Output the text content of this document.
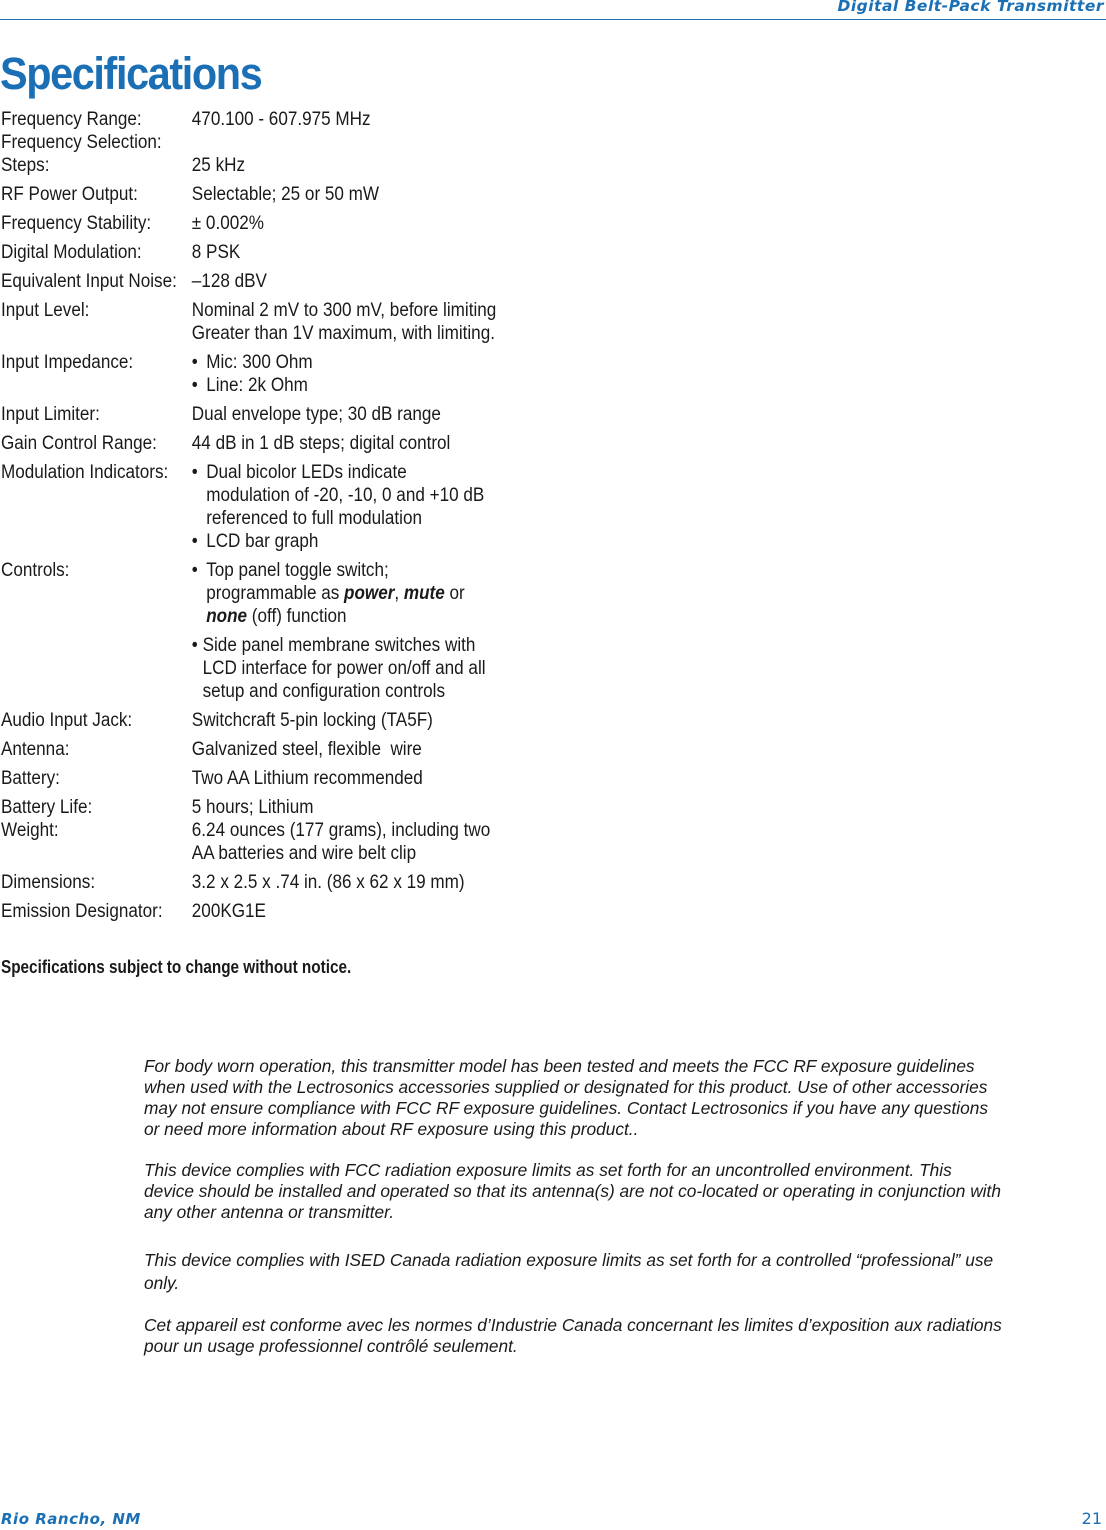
Digital Belt-Pack Transmitter
Specifications
Frequency Range:	470.100 - 607.975 MHz
Frequency Selection:
Steps:	25 kHz
RF Power Output:	Selectable; 25 or 50 mW
Frequency Stability:	± 0.002%
Digital Modulation:	8 PSK
Equivalent Input Noise: –128 dBV
Input Level:	Nominal 2 mV to 300 mV, before limiting
Greater than 1V maximum, with limiting.
Input Impedance:	• Mic: 300 Ohm
• Line: 2k Ohm
Input Limiter:	Dual envelope type; 30 dB range
Gain Control Range:	44 dB in 1 dB steps; digital control
Modulation Indicators:	• Dual bicolor LEDs indicate modulation of -20, -10, 0 and +10 dB referenced to full modulation
• LCD bar graph
Controls:	• Top panel toggle switch; programmable as power, mute or none (off) function
• Side panel membrane switches with LCD interface for power on/off and all setup and configuration controls
Audio Input Jack:	Switchcraft 5-pin locking (TA5F)
Antenna:	Galvanized steel, flexible  wire
Battery:	Two AA Lithium recommended
Battery Life:	5 hours; Lithium
Weight:	6.24 ounces (177 grams), including two AA batteries and wire belt clip
Dimensions:	3.2 x 2.5 x .74 in. (86 x 62 x 19 mm)
Emission Designator:	200KG1E
Specifications subject to change without notice.

For body worn operation, this transmitter model has been tested and meets the FCC RF exposure guidelines when used with the Lectrosonics accessories supplied or designated for this product. Use of other accessories may not ensure compliance with FCC RF exposure guidelines. Contact Lectrosonics if you have any questions or need more information about RF exposure using this product..

This device complies with FCC radiation exposure limits as set forth for an uncontrolled environment. This device should be installed and operated so that its antenna(s) are not co-located or operating in conjunction with any other antenna or transmitter.

This device complies with ISED Canada radiation exposure limits as set forth for a controlled “professional” use only.

Cet appareil est conforme avec les normes d’Industrie Canada concernant les limites d’exposition aux radiations pour un usage professionnel contrôlé seulement.

Rio Rancho, NM	21
